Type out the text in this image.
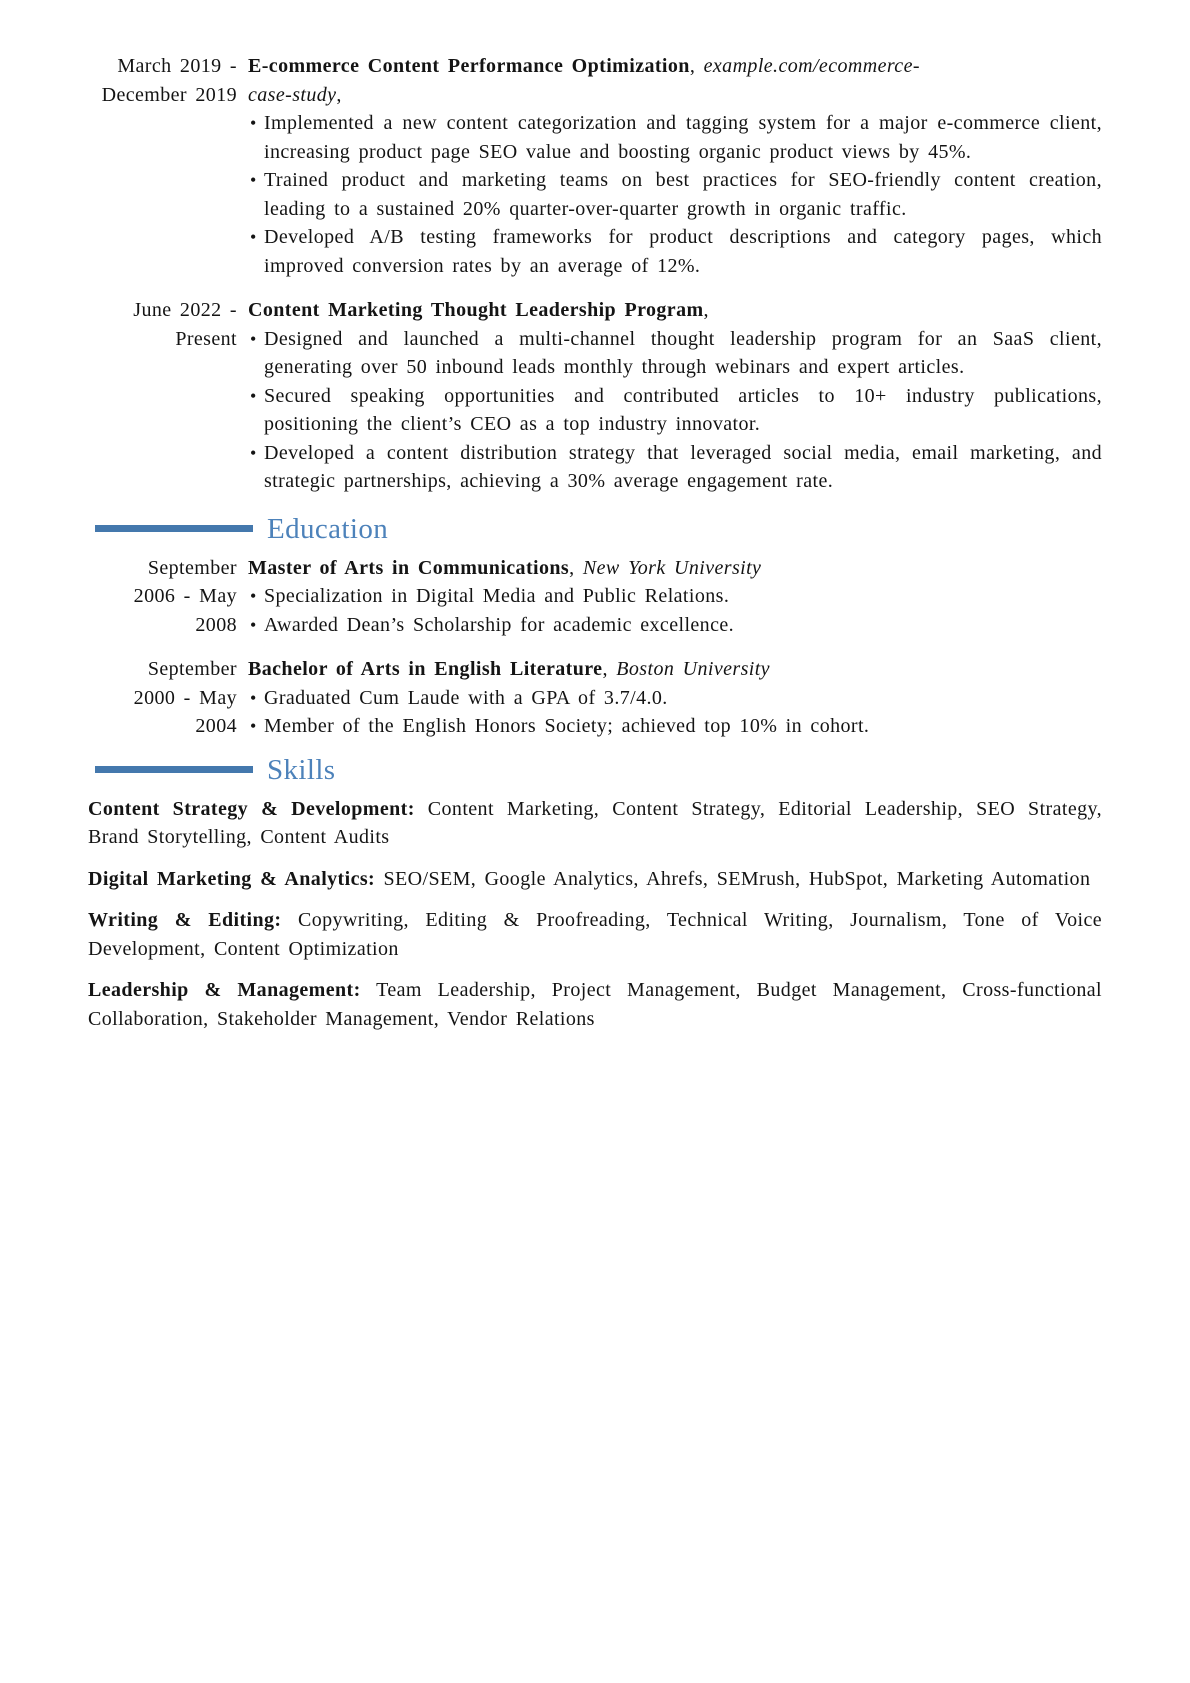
March 2019 -
December 2019
E-commerce Content Performance Optimization, example.com/ecommerce-
case-study,
• Implemented a new content categorization and tagging system for a major e-commerce client, increasing product page SEO value and boosting organic product views by 45%.
• Trained product and marketing teams on best practices for SEO-friendly content creation, leading to a sustained 20% quarter-over-quarter growth in organic traffic.
• Developed A/B testing frameworks for product descriptions and category pages, which improved conversion rates by an average of 12%.
June 2022 -
Present
Content Marketing Thought Leadership Program,
• Designed and launched a multi-channel thought leadership program for an SaaS client, generating over 50 inbound leads monthly through webinars and expert articles.
• Secured speaking opportunities and contributed articles to 10+ industry publications, positioning the client’s CEO as a top industry innovator.
• Developed a content distribution strategy that leveraged social media, email marketing, and strategic partnerships, achieving a 30% average engagement rate.
Education
September
2006 - May
2008
Master of Arts in Communications, New York University
• Specialization in Digital Media and Public Relations.
• Awarded Dean’s Scholarship for academic excellence.
September
2000 - May
2004
Bachelor of Arts in English Literature, Boston University
• Graduated Cum Laude with a GPA of 3.7/4.0.
• Member of the English Honors Society; achieved top 10% in cohort.
Skills

Content Strategy & Development: Content Marketing, Content Strategy, Editorial Leadership, SEO Strategy, Brand Storytelling, Content Audits

Digital Marketing & Analytics: SEO/SEM, Google Analytics, Ahrefs, SEMrush, HubSpot, Marketing Automation

Writing & Editing: Copywriting, Editing & Proofreading, Technical Writing, Journalism, Tone of Voice Development, Content Optimization

Leadership & Management: Team Leadership, Project Management, Budget Management, Cross-functional Collaboration, Stakeholder Management, Vendor Relations
